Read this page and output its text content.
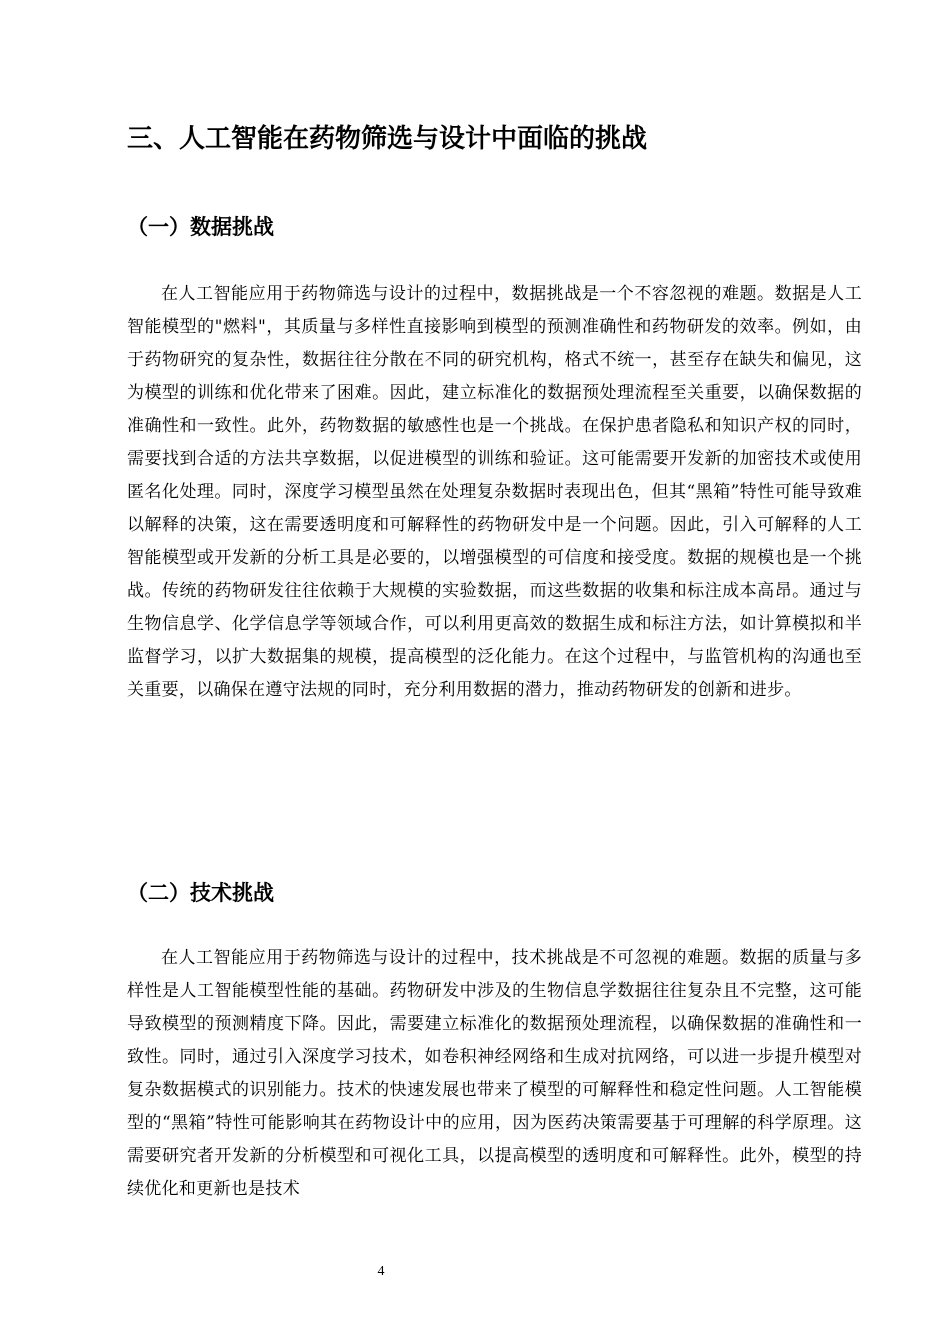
三、人工智能在药物筛选与设计中面临的挑战
（一）数据挑战

在人工智能应用于药物筛选与设计的过程中，数据挑战是一个不容忽视的难题。数据是人工智能模型的"燃料"，其质量与多样性直接影响到模型的预测准确性和药物研发的效率。例如，由于药物研究的复杂性，数据往往分散在不同的研究机构，格式不统一，甚至存在缺失和偏见，这为模型的训练和优化带来了困难。因此，建立标准化的数据预处理流程至关重要，以确保数据的准确性和一致性。此外，药物数据的敏感性也是一个挑战。在保护患者隐私和知识产权的同时，需要找到合适的方法共享数据，以促进模型的训练和验证。这可能需要开发新的加密技术或使用匿名化处理。同时，深度学习模型虽然在处理复杂数据时表现出色，但其“黑箱”特性可能导致难以解释的决策，这在需要透明度和可解释性的药物研发中是一个问题。因此，引入可解释的人工智能模型或开发新的分析工具是必要的，以增强模型的可信度和接受度。数据的规模也是一个挑战。传统的药物研发往往依赖于大规模的实验数据，而这些数据的收集和标注成本高昂。通过与生物信息学、化学信息学等领域合作，可以利用更高效的数据生成和标注方法，如计算模拟和半监督学习，以扩大数据集的规模，提高模型的泛化能力。在这个过程中，与监管机构的沟通也至关重要，以确保在遵守法规的同时，充分利用数据的潜力，推动药物研发的创新和进步。

（二）技术挑战

在人工智能应用于药物筛选与设计的过程中，技术挑战是不可忽视的难题。数据的质量与多样性是人工智能模型性能的基础。药物研发中涉及的生物信息学数据往往复杂且不完整，这可能导致模型的预测精度下降。因此，需要建立标准化的数据预处理流程，以确保数据的准确性和一致性。同时，通过引入深度学习技术，如卷积神经网络和生成对抗网络，可以进一步提升模型对复杂数据模式的识别能力。技术的快速发展也带来了模型的可解释性和稳定性问题。人工智能模型的“黑箱”特性可能影响其在药物设计中的应用，因为医药决策需要基于可理解的科学原理。这需要研究者开发新的分析模型和可视化工具，以提高模型的透明度和可解释性。此外，模型的持续优化和更新也是技术

4
